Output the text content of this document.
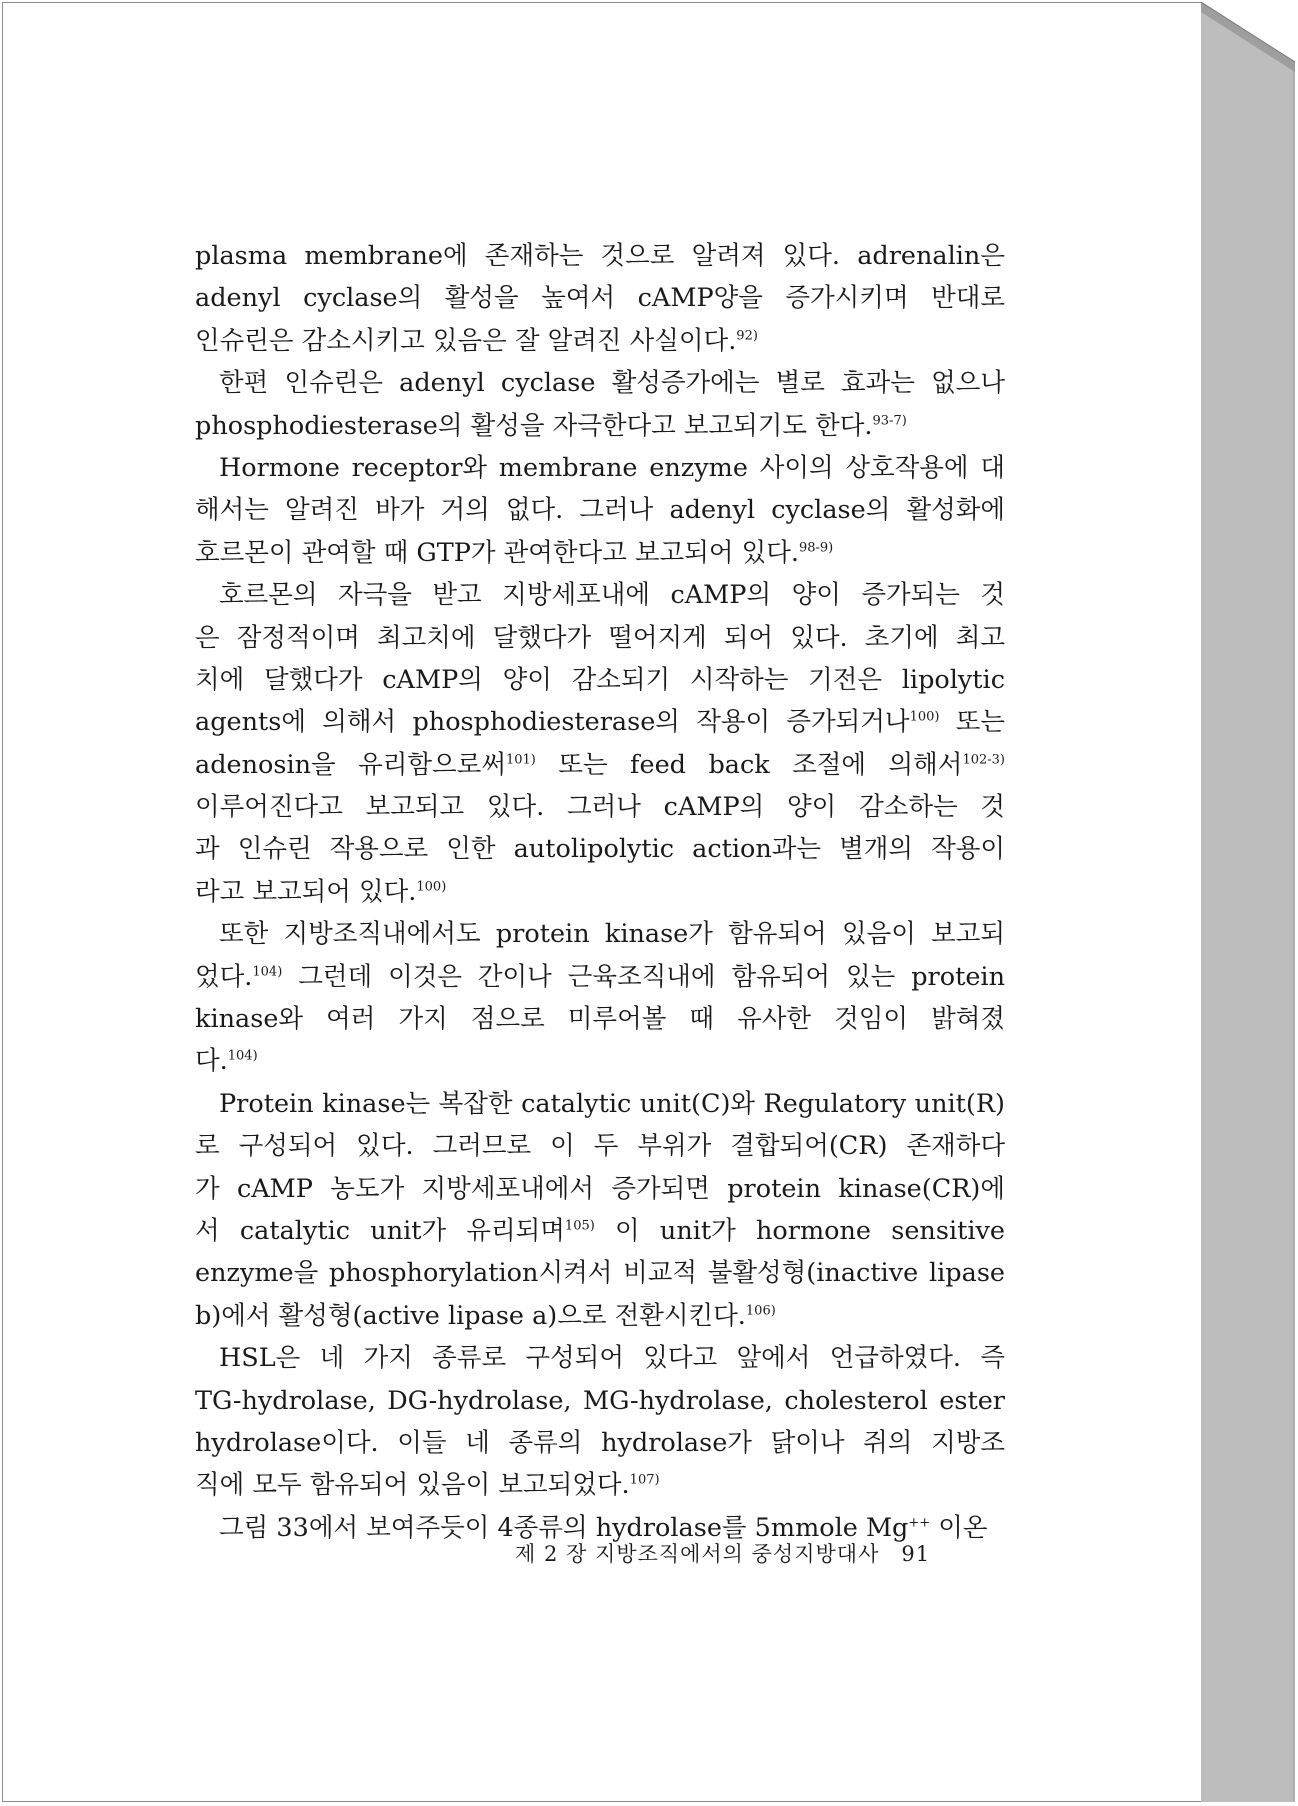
plasma membrane에 존재하는 것으로 알려져 있다. adrenalin은
adenyl cyclase의 활성을 높여서 cAMP양을 증가시키며 반대로
인슈린은 감소시키고 있음은 잘 알려진 사실이다.$^{92)}$
한편 인슈린은 adenyl cyclase 활성증가에는 별로 효과는 없으나
phosphodiesterase의 활성을 자극한다고 보고되기도 한다.$^{93-7)}$
Hormone receptor와 membrane enzyme 사이의 상호작용에 대
해서는 알려진 바가 거의 없다. 그러나 adenyl cyclase의 활성화에
호르몬이 관여할 때 GTP가 관여한다고 보고되어 있다.$^{98-9)}$
호르몬의 자극을 받고 지방세포내에 cAMP의 양이 증가되는 것
은 잠정적이며 최고치에 달했다가 떨어지게 되어 있다. 초기에 최고
치에 달했다가 cAMP의 양이 감소되기 시작하는 기전은 lipolytic
agents에 의해서 phosphodiesterase의 작용이 증가되거나$^{100)}$ 또는
adenosin을 유리함으로써$^{101)}$ 또는 feed back 조절에 의해서$^{102-3)}$
이루어진다고 보고되고 있다. 그러나 cAMP의 양이 감소하는 것
과 인슈린 작용으로 인한 autolipolytic action과는 별개의 작용이
라고 보고되어 있다.$^{100)}$
또한 지방조직내에서도 protein kinase가 함유되어 있음이 보고되
었다.$^{104)}$ 그런데 이것은 간이나 근육조직내에 함유되어 있는 protein
kinase와 여러 가지 점으로 미루어볼 때 유사한 것임이 밝혀졌
다.$^{104)}$
Protein kinase는 복잡한 catalytic unit(C)와 Regulatory unit(R)
로 구성되어 있다. 그러므로 이 두 부위가 결합되어(CR) 존재하다
가 cAMP 농도가 지방세포내에서 증가되면 protein kinase(CR)에
서 catalytic unit가 유리되며$^{105)}$ 이 unit가 hormone sensitive
enzyme을 phosphorylation시켜서 비교적 불활성형(inactive lipase
b)에서 활성형(active lipase a)으로 전환시킨다.$^{106)}$
HSL은 네 가지 종류로 구성되어 있다고 앞에서 언급하였다. 즉
TG-hydrolase, DG-hydrolase, MG-hydrolase, cholesterol ester
hydrolase이다. 이들 네 종류의 hydrolase가 닭이나 쥐의 지방조
직에 모두 함유되어 있음이 보고되었다.$^{107)}$
그림 33에서 보여주듯이 4종류의 hydrolase를 5mmole Mg++ 이온
제 2 장 지방조직에서의 중성지방대사 91
